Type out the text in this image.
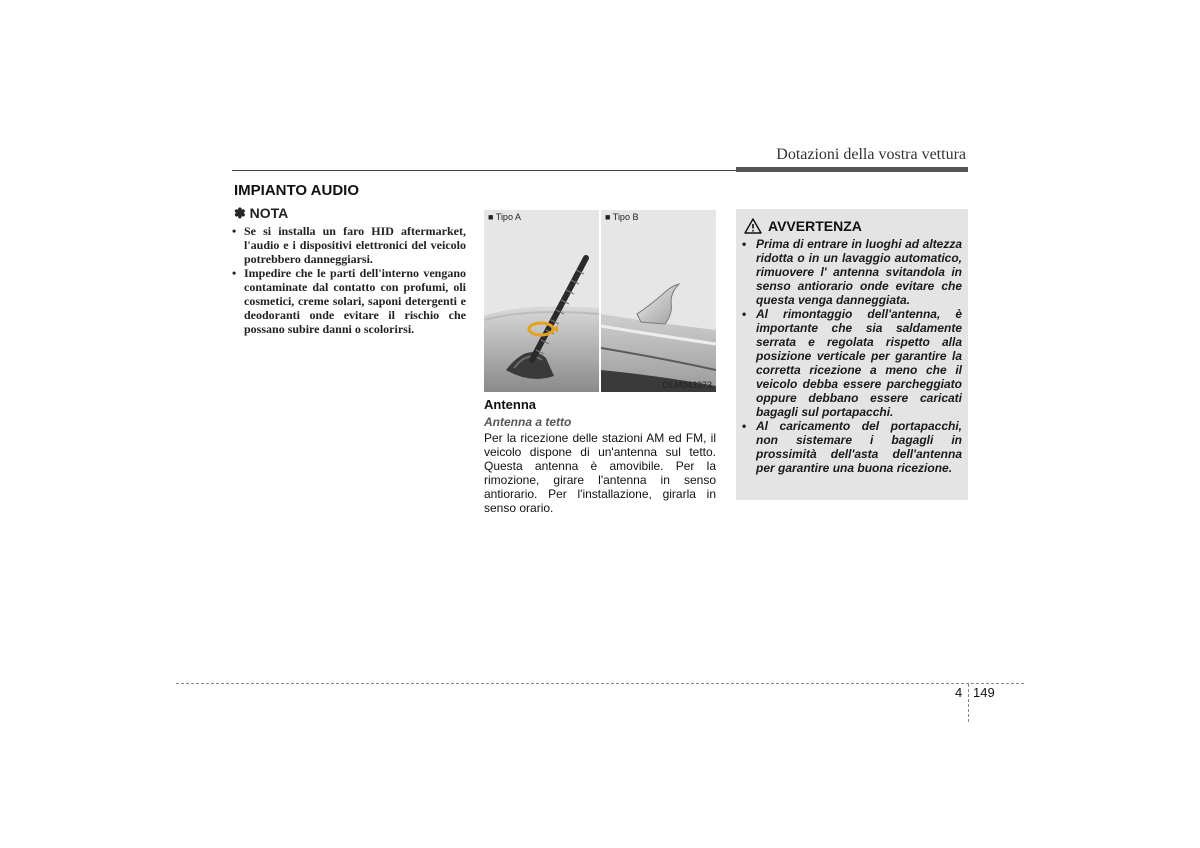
Dotazioni della vostra vettura
IMPIANTO AUDIO
✽ NOTA
• Se si installa un faro HID aftermarket, l'audio e i dispositivi elettronici del veicolo potrebbero danneggiarsi.
• Impedire che le parti dell'interno vengano contaminate dal contatto con profumi, oli cosmetici, creme solari, saponi detergenti e deodoranti onde evitare il rischio che possano subire danni o scolorirsi.
■ Tipo A	■ Tipo B
OLM043373
Antenna
Antenna a tetto

Per la ricezione delle stazioni AM ed FM, il veicolo dispone di un'antenna sul tetto. Questa antenna è amovibile. Per la rimozione, girare l'antenna in senso antiorario. Per l'installazione, girarla in senso orario.

AVVERTENZA
• Prima di entrare in luoghi ad altezza ridotta o in un lavaggio automatico, rimuovere l' antenna svitandola in senso antiorario onde evitare che questa venga danneggiata.
• Al rimontaggio dell'antenna, è importante che sia saldamente serrata e regolata rispetto alla posizione verticale per garantire la corretta ricezione a meno che il veicolo debba essere parcheggiato oppure debbano essere caricati bagagli sul portapacchi.
• Al caricamento del portapacchi, non sistemare i bagagli in prossimità dell'asta dell'antenna per garantire una buona ricezione.
4 149
